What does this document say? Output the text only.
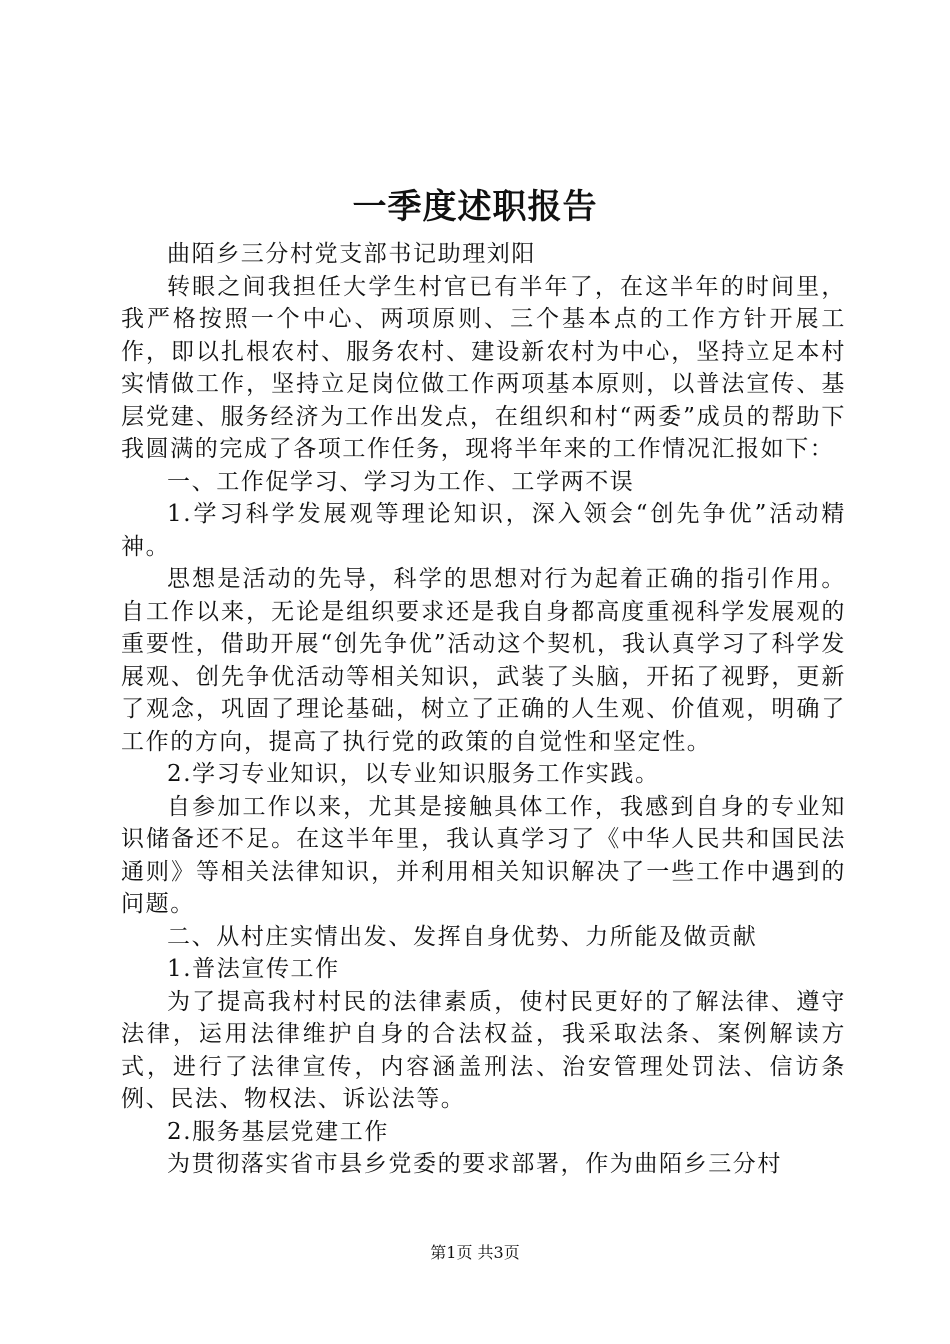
一季度述职报告

曲陌乡三分村党支部书记助理刘阳

转眼之间我担任大学生村官已有半年了，在这半年的时间里，我严格按照一个中心、两项原则、三个基本点的工作方针开展工作，即以扎根农村、服务农村、建设新农村为中心，坚持立足本村实情做工作，坚持立足岗位做工作两项基本原则，以普法宣传、基层党建、服务经济为工作出发点，在组织和村“两委”成员的帮助下我圆满的完成了各项工作任务，现将半年来的工作情况汇报如下：

一、工作促学习、学习为工作、工学两不误

1.学习科学发展观等理论知识，深入领会“创先争优”活动精神。

思想是活动的先导，科学的思想对行为起着正确的指引作用。自工作以来，无论是组织要求还是我自身都高度重视科学发展观的重要性，借助开展“创先争优”活动这个契机，我认真学习了科学发展观、创先争优活动等相关知识，武装了头脑，开拓了视野，更新了观念，巩固了理论基础，树立了正确的人生观、价值观，明确了工作的方向，提高了执行党的政策的自觉性和坚定性。

2.学习专业知识，以专业知识服务工作实践。

自参加工作以来，尤其是接触具体工作，我感到自身的专业知识储备还不足。在这半年里，我认真学习了《中华人民共和国民法通则》等相关法律知识，并利用相关知识解决了一些工作中遇到的问题。

二、从村庄实情出发、发挥自身优势、力所能及做贡献

1.普法宣传工作

为了提高我村村民的法律素质，使村民更好的了解法律、遵守法律，运用法律维护自身的合法权益，我采取法条、案例解读方式，进行了法律宣传，内容涵盖刑法、治安管理处罚法、信访条例、民法、物权法、诉讼法等。

2.服务基层党建工作

为贯彻落实省市县乡党委的要求部署，作为曲陌乡三分村

第1页 共3页
